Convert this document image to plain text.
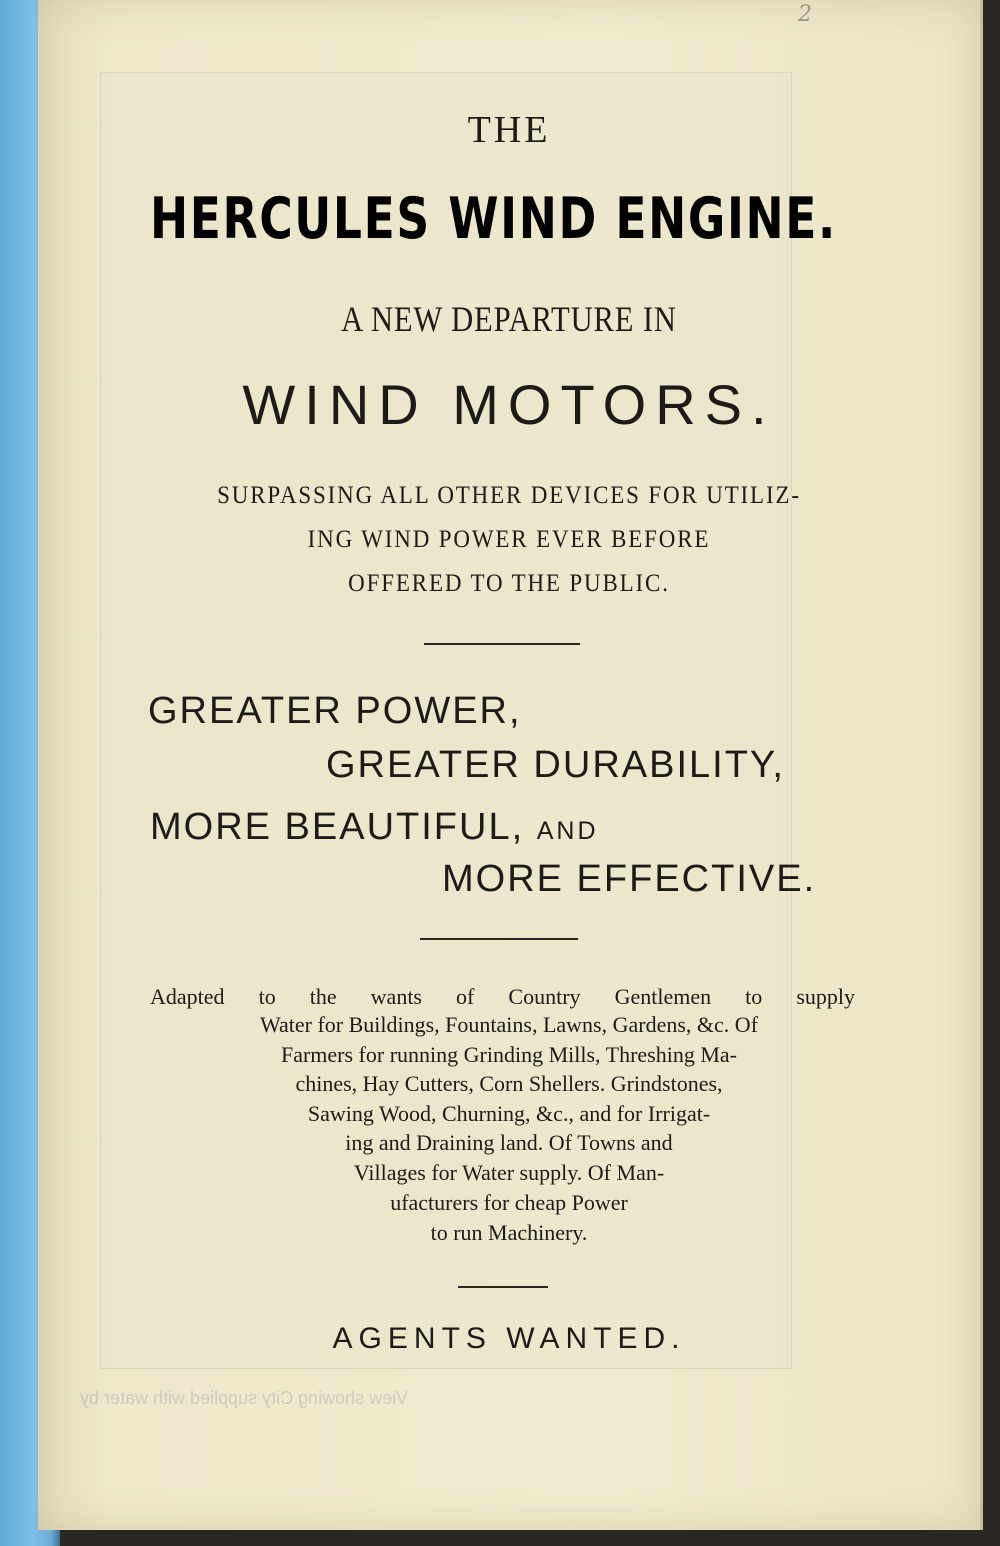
2
THE
HERCULES WIND ENGINE.
A NEW DEPARTURE IN
WIND MOTORS.
SURPASSING ALL OTHER DEVICES FOR UTILIZ-
ING WIND POWER EVER BEFORE
OFFERED TO THE PUBLIC.
GREATER POWER,
GREATER DURABILITY,
MORE BEAUTIFUL, AND
MORE EFFECTIVE.
Adapted to the wants of Country Gentlemen to supply
Water for Buildings, Fountains, Lawns, Gardens, &c. Of
Farmers for running Grinding Mills, Threshing Ma-
chines, Hay Cutters, Corn Shellers. Grindstones,
Sawing Wood, Churning, &c., and for Irrigat-
ing and Draining land. Of Towns and
Villages for Water supply. Of Man-
ufacturers for cheap Power
to run Machinery.
AGENTS WANTED.
View showing City supplied with water by
